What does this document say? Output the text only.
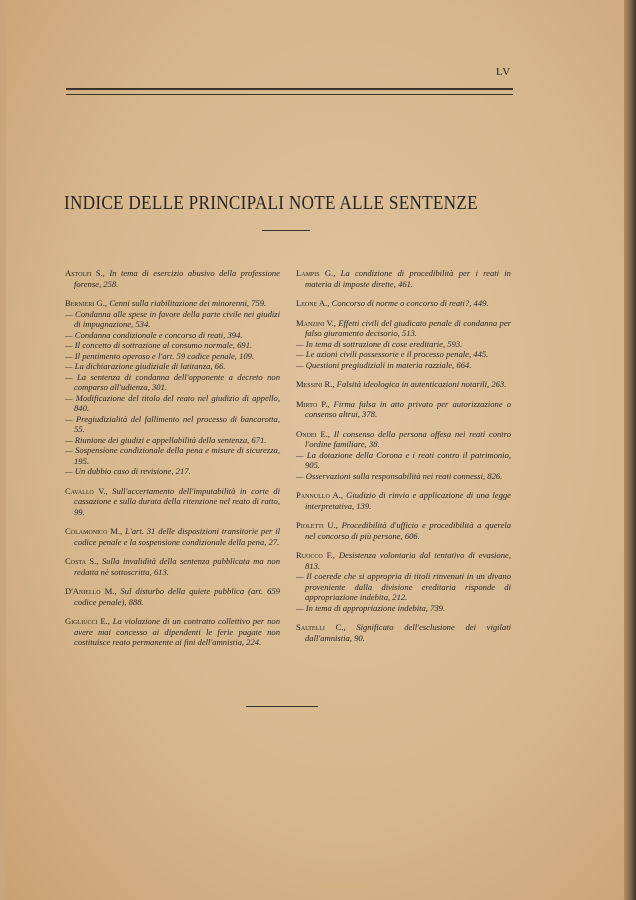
LV
INDICE DELLE PRINCIPALI NOTE ALLE SENTENZE
Astolfi S., In tema di esercizio abusivo della professione forense, 258.
Bernieri G., Cenni sulla riabilitazione dei minorenni, 759.
— Condanna alle spese in favore della parte civile nei giudizi di impugnazione, 534.
— Condanna condizionale e concorso di reati, 394.
— Il concetto di sottrazione al consumo normale, 691.
— Il pentimento operoso e l'art. 59 codice penale, 109.
— La dichiarazione giudiziale di latitanza, 66.
— La sentenza di condanna dell'opponente a decreto non comparso all'udienza, 301.
— Modificazione del titolo del reato nel giudizio di appello, 840.
— Pregiudizialità del fallimento nel processo di bancarotta, 55.
— Riunione dei giudizi e appellabilità della sentenza, 671.
— Sospensione condizionale della pena e misure di sicurezza, 195.
— Un dubbio caso di revisione, 217.
Cavallo V., Sull'accertamento dell'imputabilità in corte di cassazione e sulla durata della ritenzione nel reato di ratto, 99.
Colamonico M., L'art. 31 delle disposizioni transitorie per il codice penale e la sospensione condizionale della pena, 27.
Costa S., Sulla invalidità della sentenza pubblicata ma non redatta nè sottoscritta, 613.
D'Aniello M., Sul disturbo della quiete pubblica (art. 659 codice penale), 888.
Gigliucci E., La violazione di un contratto collettivo per non avere mai concesso ai dipendenti le ferie pagate non costituisce reato permanente ai fini dell'amnistia, 224.
Lampis G., La condizione di procedibilità per i reati in materia di imposte dirette, 461.
Leone A., Concorso di norme o concorso di reati?, 449.
Manzini V., Effetti civili del giudicato penale di condanna per falso giuramento decisorio, 513.
— In tema di sottrazione di cose ereditarie, 593.
— Le azioni civili possessorie e il processo penale, 445.
— Questioni pregiudiziali in materia razziale, 664.
Messini R., Falsità ideologica in autenticazioni notarili, 263.
Mirto P., Firma falsa in atto privato per autorizzazione o consenso altrui, 378.
Ondei E., Il consenso della persona offesa nei reati contro l'ordine familiare, 38.
— La dotazione della Corona e i reati contro il patrimonio, 905.
— Osservazioni sulla responsabilità nei reati connessi, 826.
Pannullo A., Giudizio di rinvio e applicazione di una legge interpretativa, 139.
Pioletti U., Procedibilità d'ufficio e procedibilità a querela nel concorso di più persone, 606.
Ruocco F., Desistenza volontaria dal tentativo di evasione, 813.
— Il coerede che si appropria di titoli rinvenuti in un divano proveniente dalla divisione ereditaria risponde di appropriazione indebita, 212.
— In tema di appropriazione indebita, 739.
Saltelli C., Significato dell'esclusione dei vigilati dall'amnistia, 90.
